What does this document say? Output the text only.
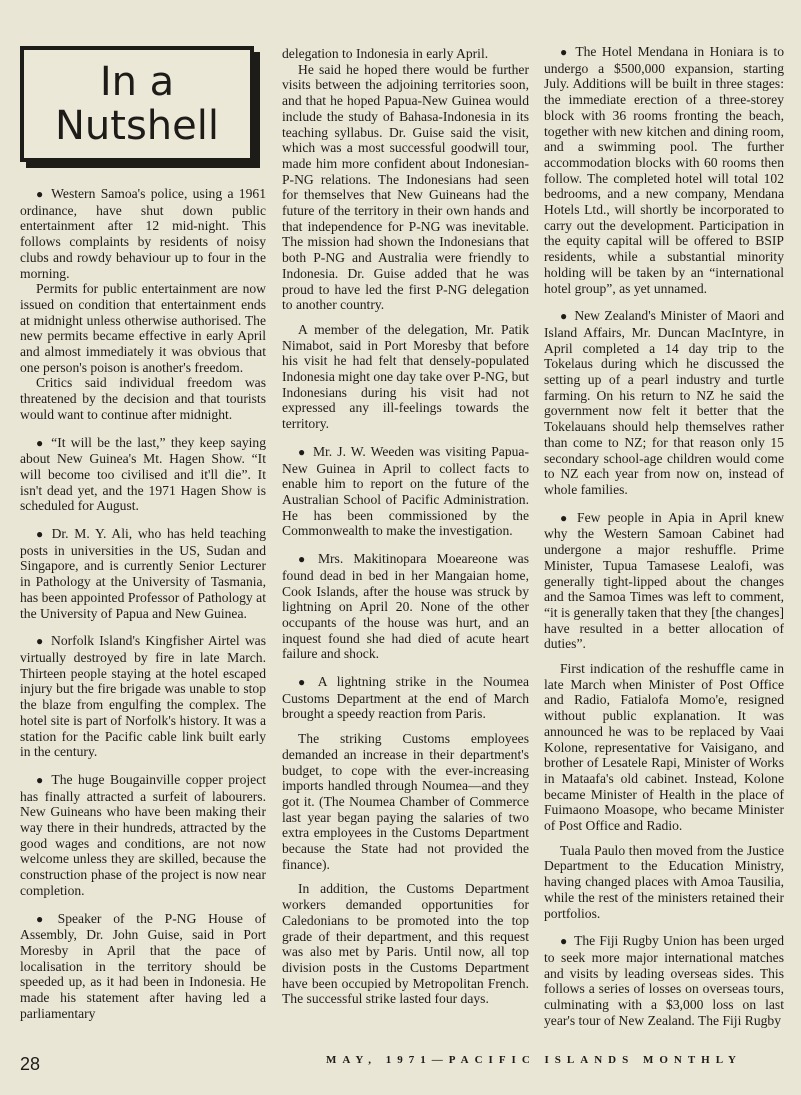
In a
Nutshell

● Western Samoa's police, using a 1961 ordinance, have shut down public entertainment after 12 mid-night. This follows complaints by residents of noisy clubs and rowdy behaviour up to four in the morning.

Permits for public entertainment are now issued on condition that entertainment ends at midnight unless otherwise authorised. The new permits became effective in early April and almost immediately it was obvious that one person's poison is another's freedom.

Critics said individual freedom was threatened by the decision and that tourists would want to continue after midnight.

● “It will be the last,” they keep saying about New Guinea's Mt. Hagen Show. “It will become too civilised and it'll die”. It isn't dead yet, and the 1971 Hagen Show is scheduled for August.

● Dr. M. Y. Ali, who has held teaching posts in universities in the US, Sudan and Singapore, and is currently Senior Lecturer in Pathology at the University of Tasmania, has been appointed Professor of Pathology at the University of Papua and New Guinea.

● Norfolk Island's Kingfisher Airtel was virtually destroyed by fire in late March. Thirteen people staying at the hotel escaped injury but the fire brigade was unable to stop the blaze from engulfing the complex. The hotel site is part of Norfolk's history. It was a station for the Pacific cable link built early in the century.

● The huge Bougainville copper project has finally attracted a surfeit of labourers. New Guineans who have been making their way there in their hundreds, attracted by the good wages and conditions, are not now welcome unless they are skilled, because the construction phase of the project is now near completion.

● Speaker of the P-NG House of Assembly, Dr. John Guise, said in Port Moresby in April that the pace of localisation in the territory should be speeded up, as it had been in Indonesia. He made his statement after having led a parliamentary

delegation to Indonesia in early April.

He said he hoped there would be further visits between the adjoining territories soon, and that he hoped Papua-New Guinea would include the study of Bahasa-Indonesia in its teaching syllabus. Dr. Guise said the visit, which was a most successful goodwill tour, made him more confident about Indonesian-P-NG relations. The Indonesians had seen for themselves that New Guineans had the future of the territory in their own hands and that independence for P-NG was inevitable. The mission had shown the Indonesians that both P-NG and Australia were friendly to Indonesia. Dr. Guise added that he was proud to have led the first P-NG delegation to another country.

A member of the delegation, Mr. Patik Nimabot, said in Port Moresby that before his visit he had felt that densely-populated Indonesia might one day take over P-NG, but Indonesians during his visit had not expressed any ill-feelings towards the territory.

● Mr. J. W. Weeden was visiting Papua-New Guinea in April to collect facts to enable him to report on the future of the Australian School of Pacific Administration. He has been commissioned by the Commonwealth to make the investigation.

● Mrs. Makitinopara Moeareone was found dead in bed in her Mangaian home, Cook Islands, after the house was struck by lightning on April 20. None of the other occupants of the house was hurt, and an inquest found she had died of acute heart failure and shock.

● A lightning strike in the Noumea Customs Department at the end of March brought a speedy reaction from Paris.

The striking Customs employees demanded an increase in their department's budget, to cope with the ever-increasing imports handled through Noumea—and they got it. (The Noumea Chamber of Commerce last year began paying the salaries of two extra employees in the Customs Department because the State had not provided the finance).

In addition, the Customs Department workers demanded opportunities for Caledonians to be promoted into the top grade of their department, and this request was also met by Paris. Until now, all top division posts in the Customs Department have been occupied by Metropolitan French. The successful strike lasted four days.

● The Hotel Mendana in Honiara is to undergo a $500,000 expansion, starting July. Additions will be built in three stages: the immediate erection of a three-storey block with 36 rooms fronting the beach, together with new kitchen and dining room, and a swimming pool. The further accommodation blocks with 60 rooms then follow. The completed hotel will total 102 bedrooms, and a new company, Mendana Hotels Ltd., will shortly be incorporated to carry out the development. Participation in the equity capital will be offered to BSIP residents, while a substantial minority holding will be taken by an “international hotel group”, as yet unnamed.

● New Zealand's Minister of Maori and Island Affairs, Mr. Duncan MacIntyre, in April completed a 14 day trip to the Tokelaus during which he discussed the setting up of a pearl industry and turtle farming. On his return to NZ he said the government now felt it better that the Tokelauans should help themselves rather than come to NZ; for that reason only 15 secondary school-age children would come to NZ each year from now on, instead of whole families.

● Few people in Apia in April knew why the Western Samoan Cabinet had undergone a major reshuffle. Prime Minister, Tupua Tamasese Lealofi, was generally tight-lipped about the changes and the Samoa Times was left to comment, “it is generally taken that they [the changes] have resulted in a better allocation of duties”.

First indication of the reshuffle came in late March when Minister of Post Office and Radio, Fatialofa Momo'e, resigned without public explanation. It was announced he was to be replaced by Vaai Kolone, representative for Vaisigano, and brother of Lesatele Rapi, Minister of Works in Mataafa's old cabinet. Instead, Kolone became Minister of Health in the place of Fuimaono Moasope, who became Minister of Post Office and Radio.

Tuala Paulo then moved from the Justice Department to the Education Ministry, having changed places with Amoa Tausilia, while the rest of the ministers retained their portfolios.

● The Fiji Rugby Union has been urged to seek more major international matches and visits by leading overseas sides. This follows a series of losses on overseas tours, culminating with a $3,000 loss on last year's tour of New Zealand. The Fiji Rugby

28	MAY, 1971—PACIFIC ISLANDS MONTHLY
